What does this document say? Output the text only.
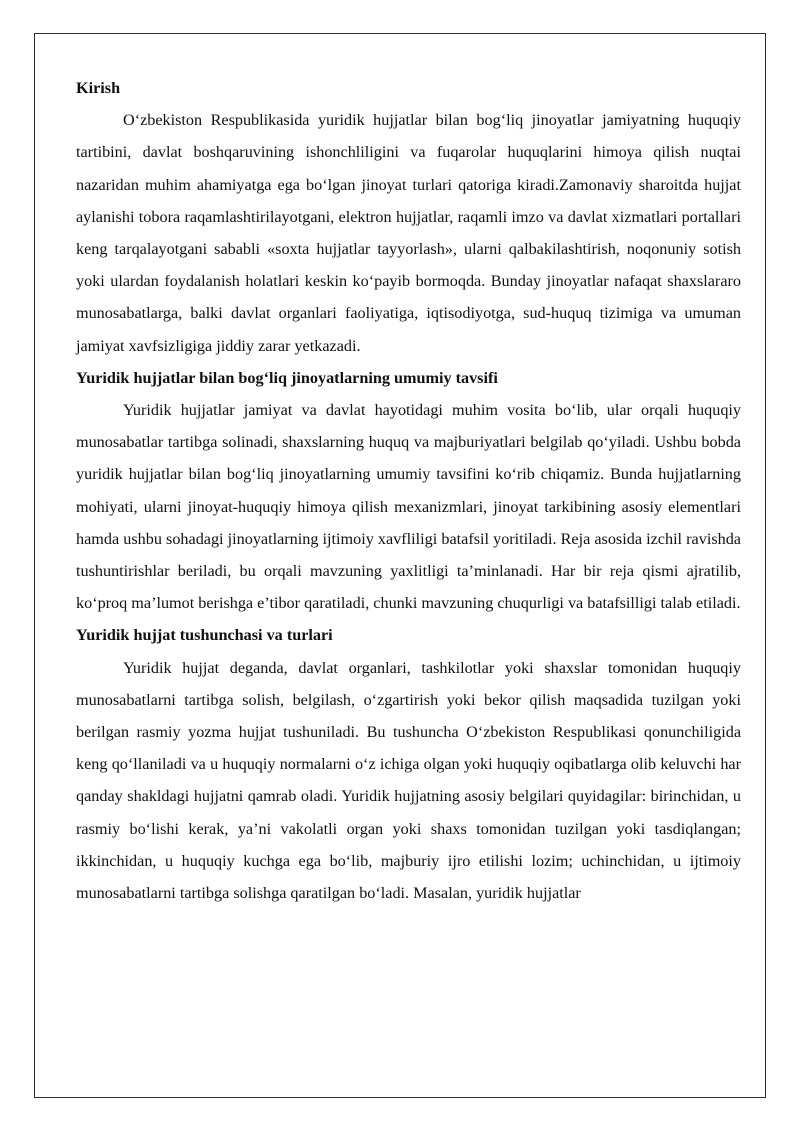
Kirish

O‘zbekiston Respublikasida yuridik hujjatlar bilan bog‘liq jinoyatlar jamiyatning huquqiy tartibini, davlat boshqaruvining ishonchliligini va fuqarolar huquqlarini himoya qilish nuqtai nazaridan muhim ahamiyatga ega bo‘lgan jinoyat turlari qatoriga kiradi.Zamonaviy sharoitda hujjat aylanishi tobora raqamlashtirilayotgani, elektron hujjatlar, raqamli imzo va davlat xizmatlari portallari keng tarqalayotgani sababli «soxta hujjatlar tayyorlash», ularni qalbakilashtirish, noqonuniy sotish yoki ulardan foydalanish holatlari keskin ko‘payib bormoqda. Bunday jinoyatlar nafaqat shaxslararo munosabatlarga, balki davlat organlari faoliyatiga, iqtisodiyotga, sud-huquq tizimiga va umuman jamiyat xavfsizligiga jiddiy zarar yetkazadi.

Yuridik hujjatlar bilan bog‘liq jinoyatlarning umumiy tavsifi

Yuridik hujjatlar jamiyat va davlat hayotidagi muhim vosita bo‘lib, ular orqali huquqiy munosabatlar tartibga solinadi, shaxslarning huquq va majburiyatlari belgilab qo‘yiladi. Ushbu bobda yuridik hujjatlar bilan bog‘liq jinoyatlarning umumiy tavsifini ko‘rib chiqamiz. Bunda hujjatlarning mohiyati, ularni jinoyat-huquqiy himoya qilish mexanizmlari, jinoyat tarkibining asosiy elementlari hamda ushbu sohadagi jinoyatlarning ijtimoiy xavfliligi batafsil yoritiladi. Reja asosida izchil ravishda tushuntirishlar beriladi, bu orqali mavzuning yaxlitligi ta’minlanadi. Har bir reja qismi ajratilib, ko‘proq ma’lumot berishga e’tibor qaratiladi, chunki mavzuning chuqurligi va batafsilligi talab etiladi.

Yuridik hujjat tushunchasi va turlari

Yuridik hujjat deganda, davlat organlari, tashkilotlar yoki shaxslar tomonidan huquqiy munosabatlarni tartibga solish, belgilash, o‘zgartirish yoki bekor qilish maqsadida tuzilgan yoki berilgan rasmiy yozma hujjat tushuniladi. Bu tushuncha O‘zbekiston Respublikasi qonunchiligida keng qo‘llaniladi va u huquqiy normalarni o‘z ichiga olgan yoki huquqiy oqibatlarga olib keluvchi har qanday shakldagi hujjatni qamrab oladi. Yuridik hujjatning asosiy belgilari quyidagilar: birinchidan, u rasmiy bo‘lishi kerak, ya’ni vakolatli organ yoki shaxs tomonidan tuzilgan yoki tasdiqlangan; ikkinchidan, u huquqiy kuchga ega bo‘lib, majburiy ijro etilishi lozim; uchinchidan, u ijtimoiy munosabatlarni tartibga solishga qaratilgan bo‘ladi. Masalan, yuridik hujjatlar
